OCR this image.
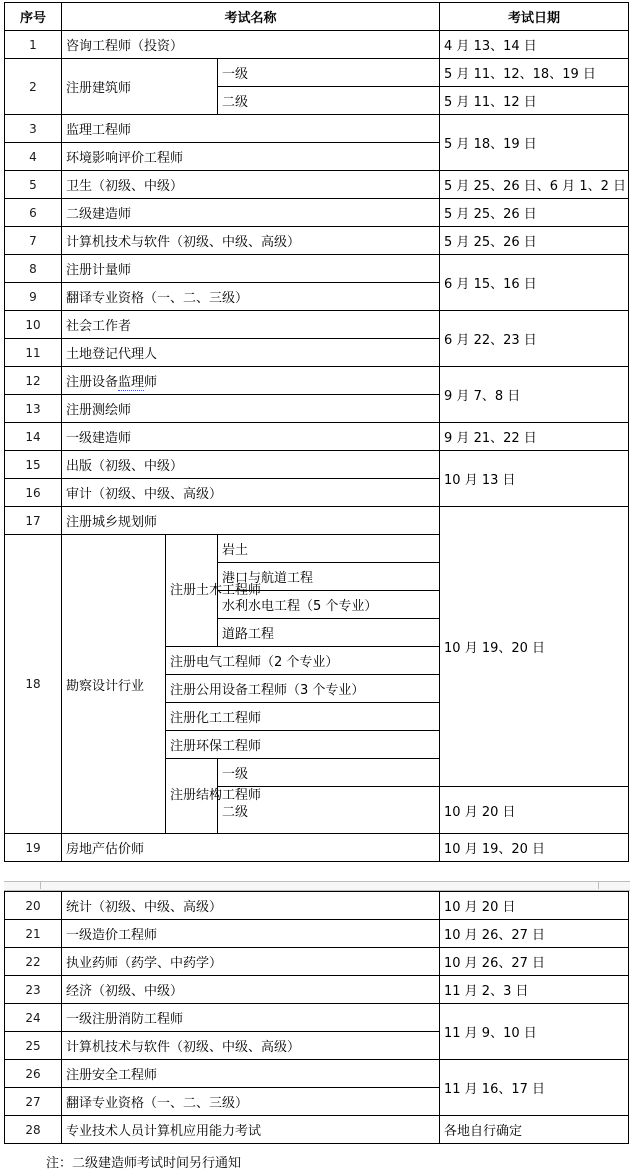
序号	考试名称			考试日期
1	咨询工程师（投资）			4 月 13、14 日
2	注册建筑师		一级	5 月 11、12、18、19 日
			二级	5 月 11、12 日
3	监理工程师			5 月 18、19 日
4	环境影响评价工程师			
5	卫生（初级、中级）			5 月 25、26 日、6 月 1、2 日
6	二级建造师			5 月 25、26 日
7	计算机技术与软件（初级、中级、高级）			5 月 25、26 日
8	注册计量师			6 月 15、16 日
9	翻译专业资格（一、二、三级）			
10	社会工作者			6 月 22、23 日
11	土地登记代理人			
12	注册设备监理师			9 月 7、8 日
13	注册测绘师			
14	一级建造师			9 月 21、22 日
15	出版（初级、中级）			10 月 13 日
16	审计（初级、中级、高级）			
17	注册城乡规划师			10 月 19、20 日
18	勘察设计行业	注册土木工程师	岩土	
			港口与航道工程	
			水利水电工程（5 个专业）	
			道路工程	
		注册电气工程师（2 个专业）		
		注册公用设备工程师（3 个专业）		
		注册化工工程师		
		注册环保工程师		
		注册结构工程师	一级	
			二级	10 月 20 日
19	房地产估价师			10 月 19、20 日
20	统计（初级、中级、高级）	10 月 20 日
21	一级造价工程师	10 月 26、27 日
22	执业药师（药学、中药学）	10 月 26、27 日
23	经济（初级、中级）	11 月 2、3 日
24	一级注册消防工程师	11 月 9、10 日
25	计算机技术与软件（初级、中级、高级）	
26	注册安全工程师	11 月 16、17 日
27	翻译专业资格（一、二、三级）	
28	专业技术人员计算机应用能力考试	各地自行确定
注：二级建造师考试时间另行通知
